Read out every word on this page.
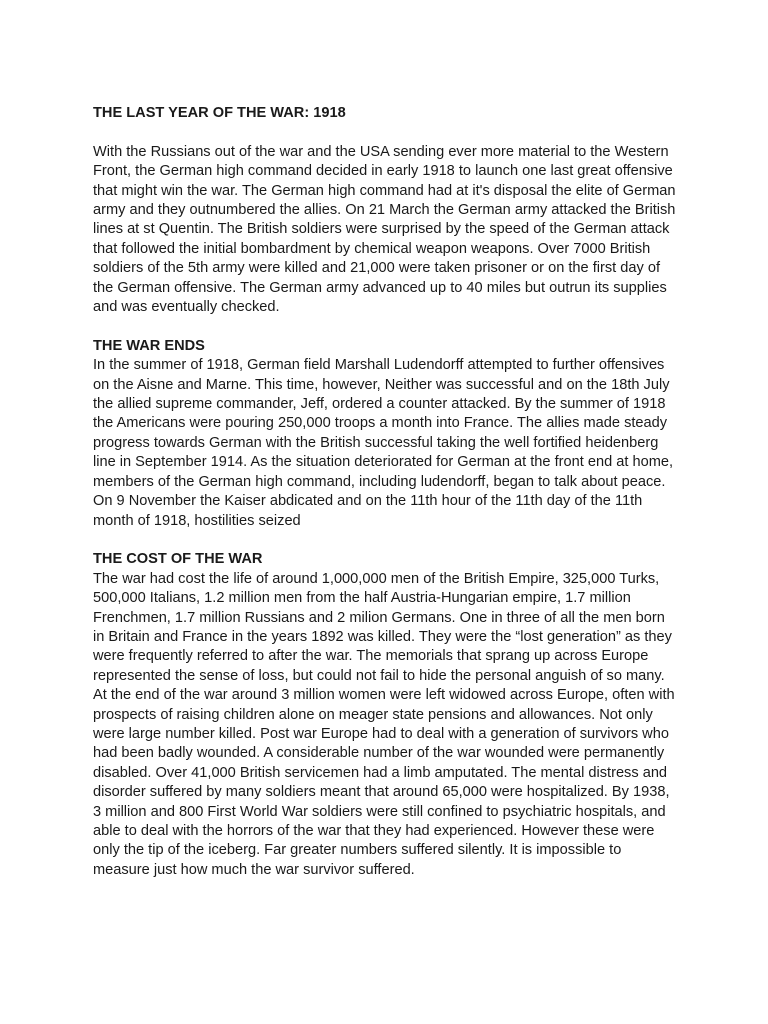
THE LAST YEAR OF THE WAR: 1918

With the Russians out of the war and the USA sending ever more material to the Western Front, the German high command decided in early 1918 to launch one last great offensive that might win the war. The German high command had at it's disposal the elite of German army and they outnumbered the allies. On 21 March the German army attacked the British lines at st Quentin. The British soldiers were surprised by the speed of the German attack that followed the initial bombardment by chemical weapon weapons. Over 7000 British soldiers of the 5th army were killed and 21,000 were taken prisoner or on the first day of the German offensive. The German army advanced up to 40 miles but outrun its supplies and was eventually checked.

THE WAR ENDS

In the summer of 1918, German field Marshall Ludendorff attempted to further offensives on the Aisne and Marne. This time, however, Neither was successful and on the 18th July the allied supreme commander, Jeff, ordered a counter attacked. By the summer of 1918 the Americans were pouring 250,000 troops a month into France. The allies made steady progress towards German with the British successful taking the well fortified heidenberg line in September 1914. As the situation deteriorated for German at the front end at home, members of the German high command, including ludendorff, began to talk about peace. On 9 November the Kaiser abdicated and on the 11th hour of the 11th day of the 11th month of 1918, hostilities seized

THE COST OF THE WAR

The war had cost the life of around 1,000,000 men of the British Empire, 325,000 Turks, 500,000 Italians, 1.2 million men from the half Austria-Hungarian empire, 1.7 million Frenchmen, 1.7 million Russians and 2 milion Germans. One in three of all the men born in Britain and France in the years 1892 was killed. They were the “lost generation” as they were frequently referred to after the war. The memorials that sprang up across Europe represented the sense of loss, but could not fail to hide the personal anguish of so many. At the end of the war around 3 million women were left widowed across Europe, often with prospects of raising children alone on meager state pensions and allowances. Not only were large number killed. Post war Europe had to deal with a generation of survivors who had been badly wounded. A considerable number of the war wounded were permanently disabled. Over 41,000 British servicemen had a limb amputated. The mental distress and disorder suffered by many soldiers meant that around 65,000 were hospitalized. By 1938, 3 million and 800 First World War soldiers were still confined to psychiatric hospitals, and able to deal with the horrors of the war that they had experienced. However these were only the tip of the iceberg. Far greater numbers suffered silently. It is impossible to measure just how much the war survivor suffered.
